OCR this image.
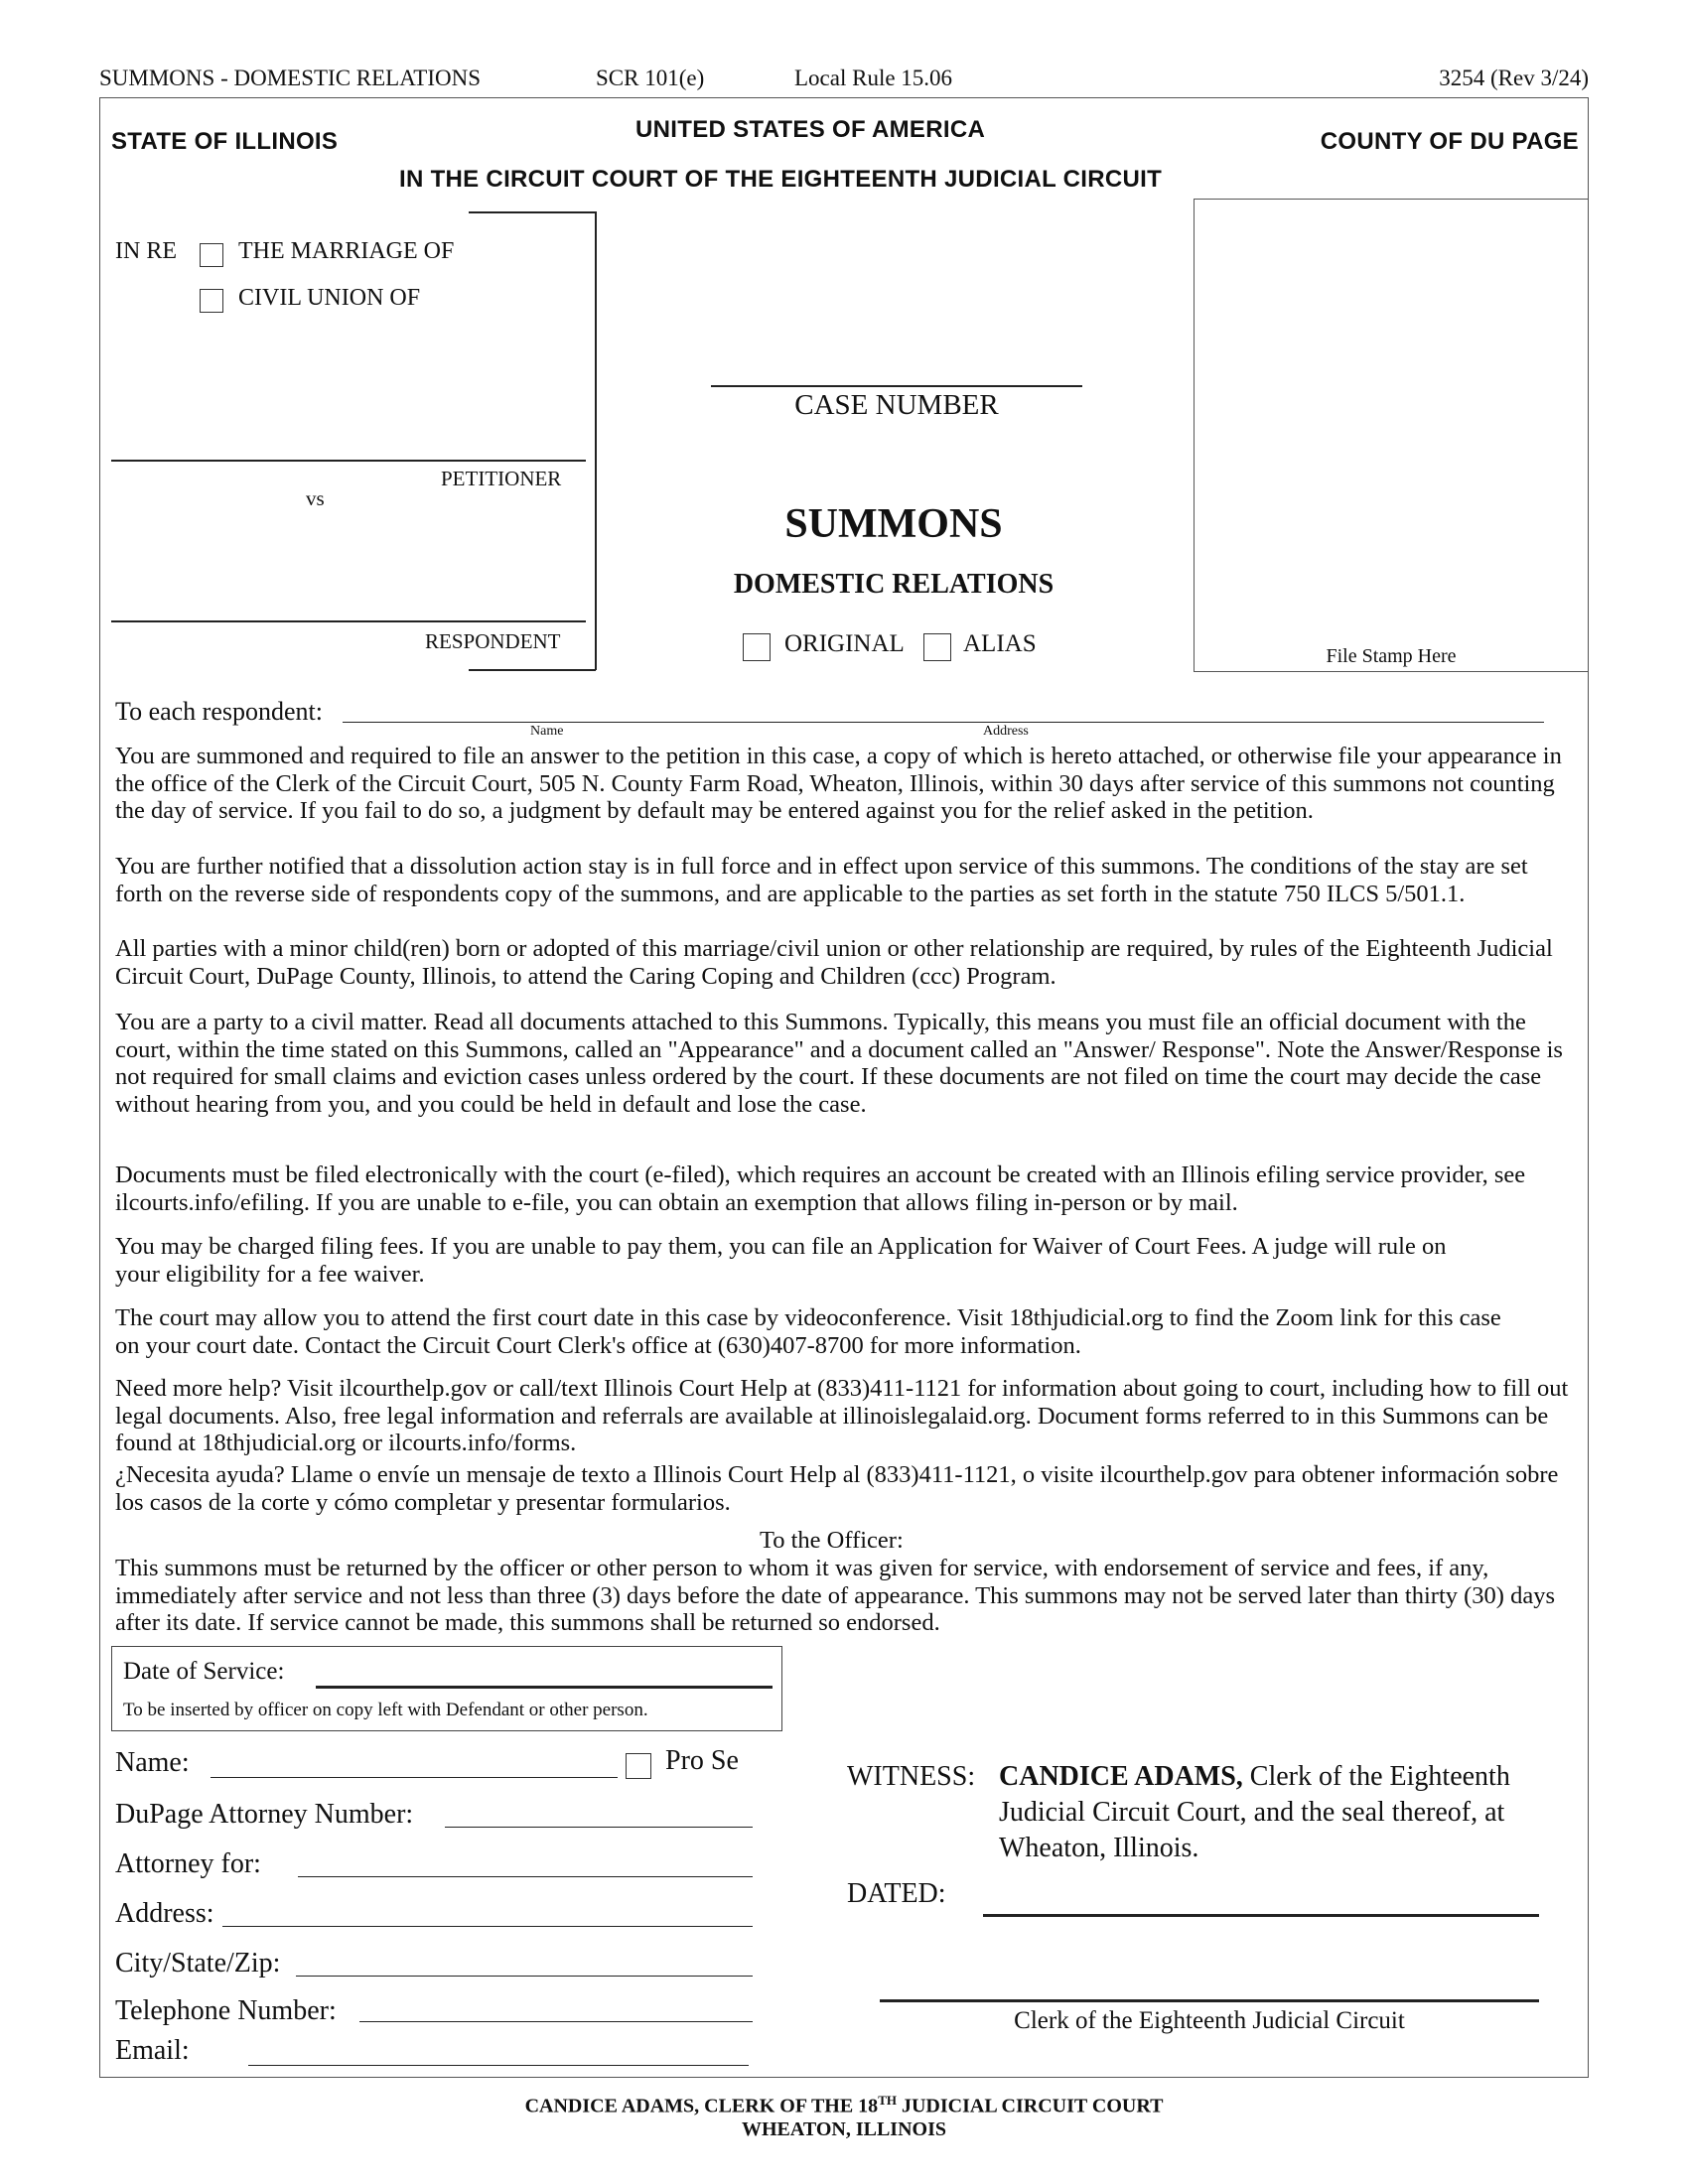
SUMMONS - DOMESTIC RELATIONS	SCR 101(e)	Local Rule 15.06	3254 (Rev 3/24)
STATE OF ILLINOIS	UNITED STATES OF AMERICA	COUNTY OF DU PAGE
IN THE CIRCUIT COURT OF THE EIGHTEENTH JUDICIAL CIRCUIT
IN RE	THE MARRIAGE OF
CIVIL UNION OF
PETITIONER
vs
RESPONDENT
CASE NUMBER
SUMMONS
DOMESTIC RELATIONS
ORIGINAL ALIAS	File Stamp Here
To each respondent:
Name	Address

You are summoned and required to file an answer to the petition in this case, a copy of which is hereto attached, or otherwise file your appearance in the office of the Clerk of the Circuit Court, 505 N. County Farm Road, Wheaton, Illinois, within 30 days after service of this summons not counting the day of service. If you fail to do so, a judgment by default may be entered against you for the relief asked in the petition.

You are further notified that a dissolution action stay is in full force and in effect upon service of this summons. The conditions of the stay are set forth on the reverse side of respondents copy of the summons, and are applicable to the parties as set forth in the statute 750 ILCS 5/501.1.

All parties with a minor child(ren) born or adopted of this marriage/civil union or other relationship are required, by rules of the Eighteenth Judicial Circuit Court, DuPage County, Illinois, to attend the Caring Coping and Children (ccc) Program.

You are a party to a civil matter. Read all documents attached to this Summons. Typically, this means you must file an official document with the court, within the time stated on this Summons, called an "Appearance" and a document called an "Answer/ Response". Note the Answer/Response is not required for small claims and eviction cases unless ordered by the court. If these documents are not filed on time the court may decide the case without hearing from you, and you could be held in default and lose the case.

Documents must be filed electronically with the court (e-filed), which requires an account be created with an Illinois efiling service provider, see ilcourts.info/efiling. If you are unable to e-file, you can obtain an exemption that allows filing in-person or by mail.

You may be charged filing fees. If you are unable to pay them, you can file an Application for Waiver of Court Fees. A judge will rule on your eligibility for a fee waiver.

The court may allow you to attend the first court date in this case by videoconference. Visit 18thjudicial.org to find the Zoom link for this case on your court date. Contact the Circuit Court Clerk's office at (630)407-8700 for more information.

Need more help? Visit ilcourthelp.gov or call/text Illinois Court Help at (833)411-1121 for information about going to court, including how to fill out legal documents. Also, free legal information and referrals are available at illinoislegalaid.org. Document forms referred to in this Summons can be found at 18thjudicial.org or ilcourts.info/forms.

¿Necesita ayuda? Llame o envíe un mensaje de texto a Illinois Court Help al (833)411-1121, o visite ilcourthelp.gov para obtener información sobre los casos de la corte y cómo completar y presentar formularios.

To the Officer:

This summons must be returned by the officer or other person to whom it was given for service, with endorsement of service and fees, if any, immediately after service and not less than three (3) days before the date of appearance. This summons may not be served later than thirty (30) days after its date. If service cannot be made, this summons shall be returned so endorsed.

Date of Service:
To be inserted by officer on copy left with Defendant or other person.
Name:	Pro Se
DuPage Attorney Number:
Attorney for:
Address:
City/State/Zip:
Telephone Number:
Email:
WITNESS: CANDICE ADAMS, Clerk of the Eighteenth
Judicial Circuit Court, and the seal thereof, at
Wheaton, Illinois.
DATED:
Clerk of the Eighteenth Judicial Circuit
CANDICE ADAMS, CLERK OF THE 18TH JUDICIAL CIRCUIT COURT
WHEATON, ILLINOIS
